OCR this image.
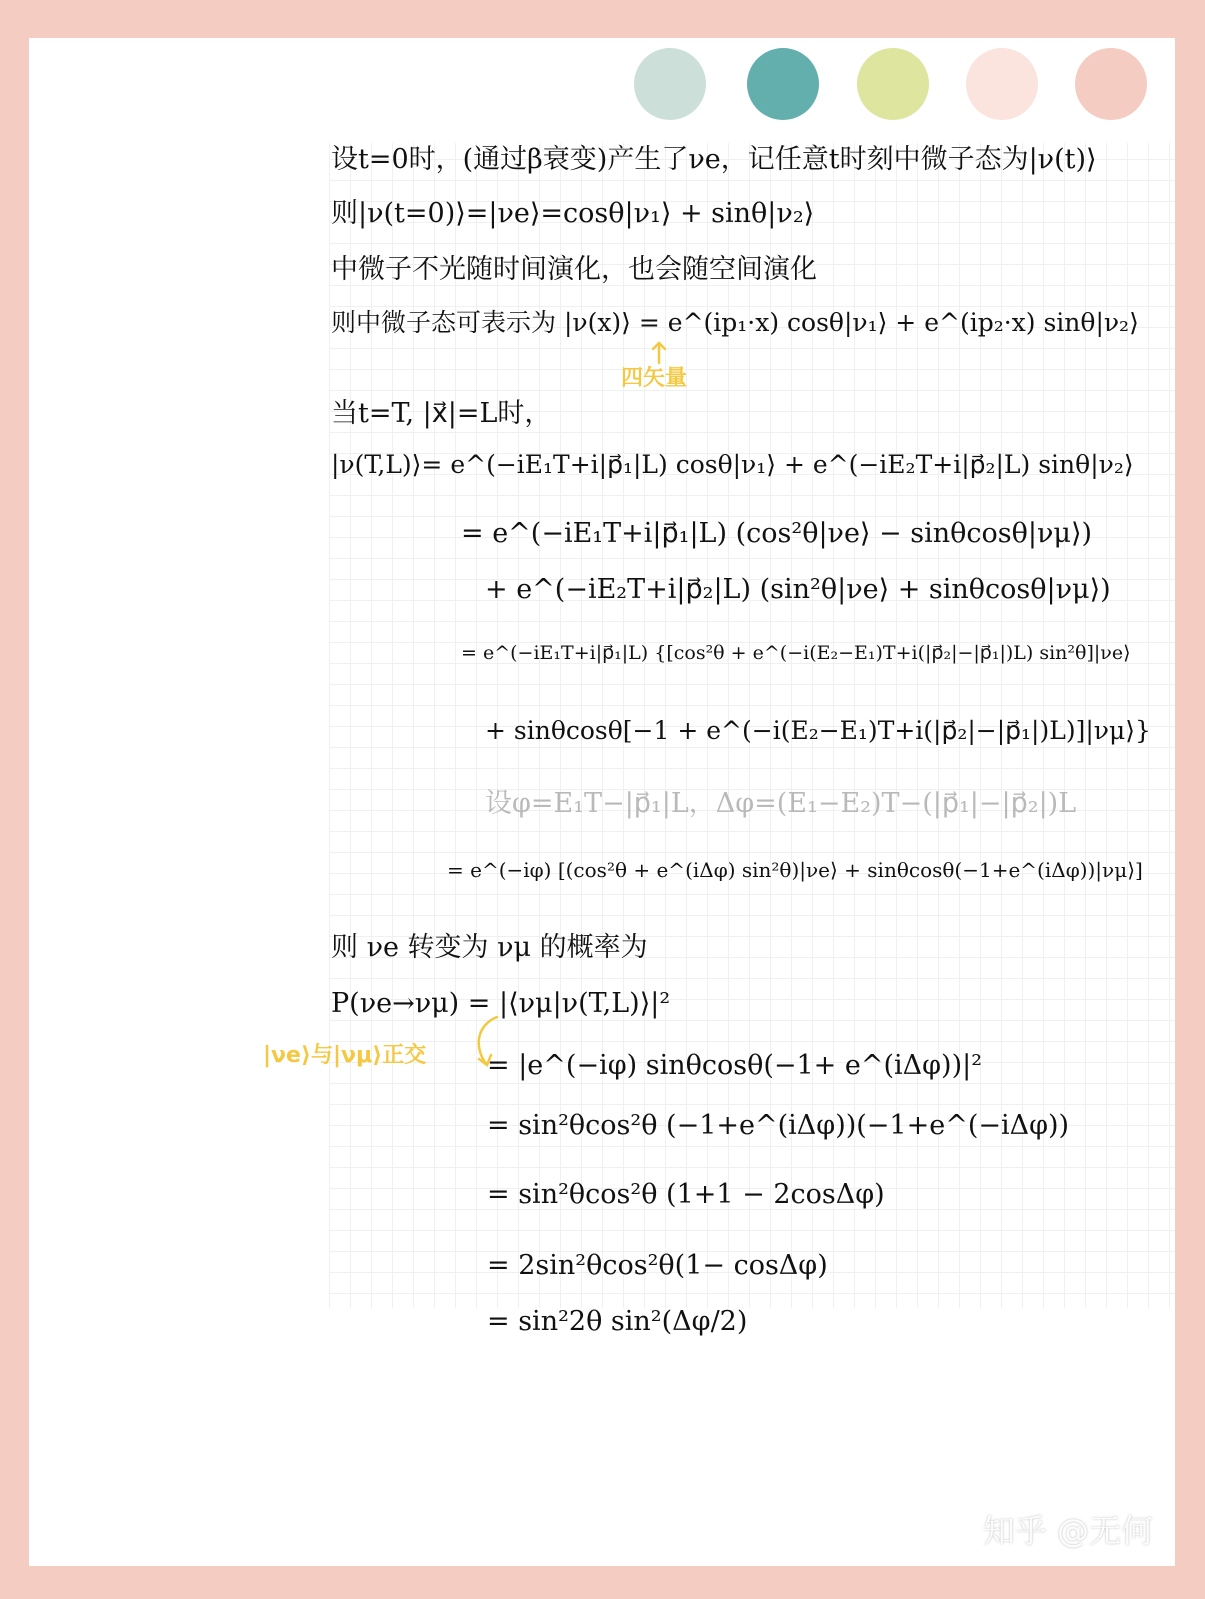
设t=0时，(通过β衰变)产生了νe，记任意t时刻中微子态为|ν(t)⟩
则|ν(t=0)⟩=|νe⟩=cosθ|ν₁⟩ + sinθ|ν₂⟩
中微子不光随时间演化，也会随空间演化
则中微子态可表示为 |ν(x)⟩ = e^(ip₁·x) cosθ|ν₁⟩ + e^(ip₂·x) sinθ|ν₂⟩
四矢量
当t=T, |x⃗|=L时，
|ν(T,L)⟩= e^(−iE₁T+i|p⃗₁|L) cosθ|ν₁⟩ + e^(−iE₂T+i|p⃗₂|L) sinθ|ν₂⟩
= e^(−iE₁T+i|p⃗₁|L) (cos²θ|νe⟩ − sinθcosθ|νμ⟩)
+ e^(−iE₂T+i|p⃗₂|L) (sin²θ|νe⟩ + sinθcosθ|νμ⟩)
= e^(−iE₁T+i|p⃗₁|L) {[cos²θ + e^(−i(E₂−E₁)T+i(|p⃗₂|−|p⃗₁|)L) sin²θ]|νe⟩
+ sinθcosθ[−1 + e^(−i(E₂−E₁)T+i(|p⃗₂|−|p⃗₁|)L)]|νμ⟩}
设φ=E₁T−|p⃗₁|L，Δφ=(E₁−E₂)T−(|p⃗₁|−|p⃗₂|)L
= e^(−iφ) [(cos²θ + e^(iΔφ) sin²θ)|νe⟩ + sinθcosθ(−1+e^(iΔφ))|νμ⟩]
则 νe 转变为 νμ 的概率为
P(νe→νμ) = |⟨νμ|ν(T,L)⟩|²
|νe⟩与|νμ⟩正交 = |e^(−iφ) sinθcosθ(−1+ e^(iΔφ))|²
= sin²θcos²θ (−1+e^(iΔφ))(−1+e^(−iΔφ))
= sin²θcos²θ (1+1 − 2cosΔφ)
= 2sin²θcos²θ(1− cosΔφ)
= sin²2θ sin²(Δφ/2)
知乎 @无何
